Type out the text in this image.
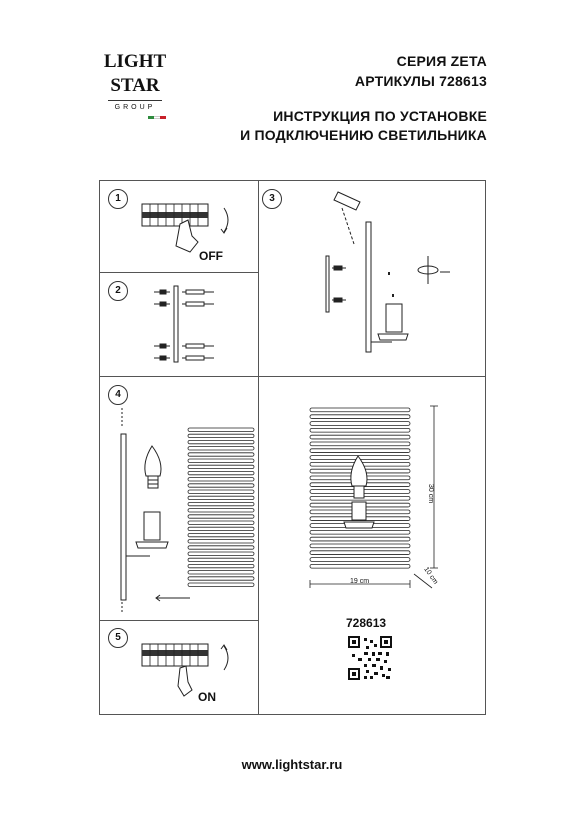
LIGHT
STAR
GROUP
СЕРИЯ ZETA
АРТИКУЛЫ 728613
ИНСТРУКЦИЯ ПО УСТАНОВКЕ
И ПОДКЛЮЧЕНИЮ СВЕТИЛЬНИКА
1
2
3
4
5
OFF
30 cm
19 cm	10 cm
728613
ON
www.lightstar.ru
